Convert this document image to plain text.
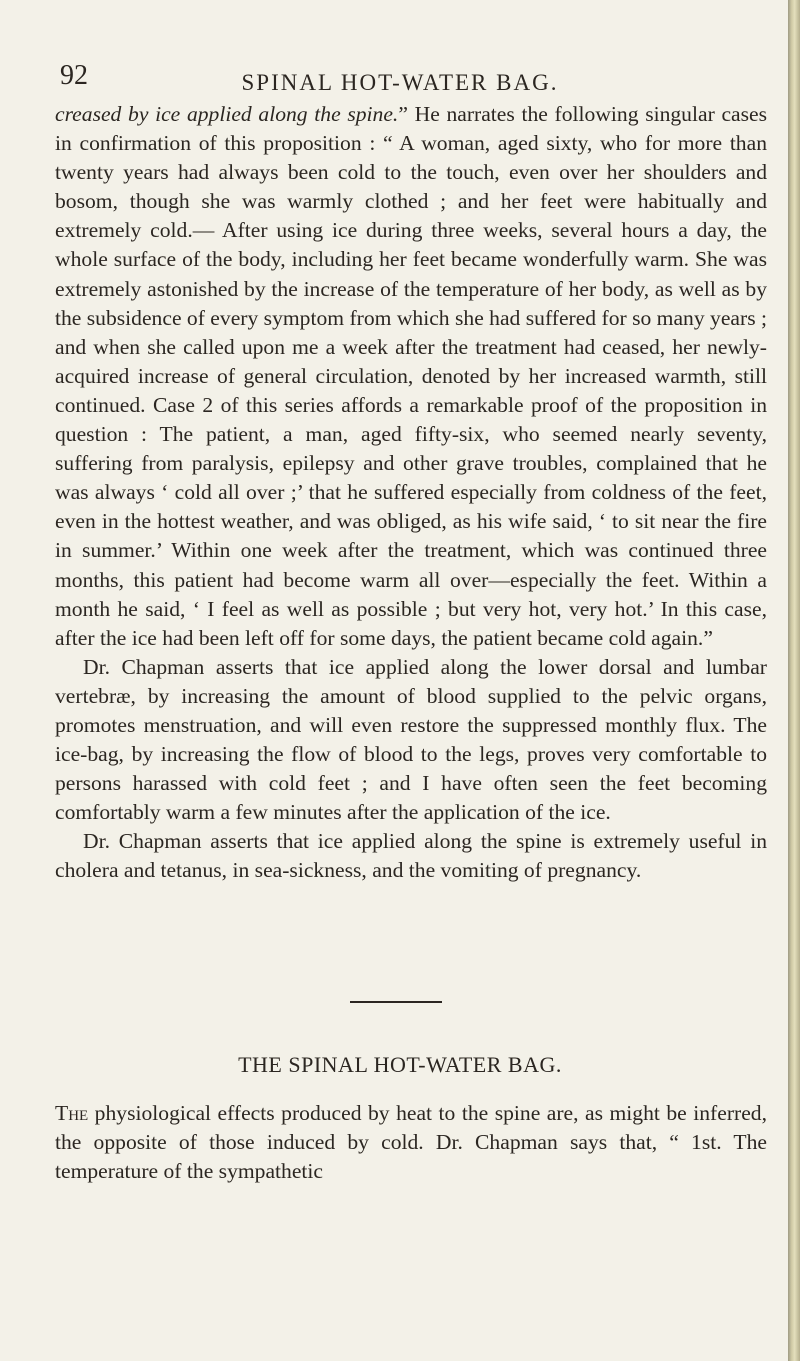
92	SPINAL HOT-WATER BAG.

creased by ice applied along the spine.” He narrates the following singular cases in confirmation of this proposition : “ A woman, aged sixty, who for more than twenty years had always been cold to the touch, even over her shoulders and bosom, though she was warmly clothed ; and her feet were habitually and extremely cold.— After using ice during three weeks, several hours a day, the whole surface of the body, including her feet became wonderfully warm. She was extremely astonished by the increase of the temperature of her body, as well as by the subsidence of every symptom from which she had suffered for so many years ; and when she called upon me a week after the treatment had ceased, her newly-acquired increase of general circulation, denoted by her increased warmth, still continued. Case 2 of this series affords a remarkable proof of the proposition in question : The patient, a man, aged fifty-six, who seemed nearly seventy, suffering from paralysis, epilepsy and other grave troubles, complained that he was always ‘ cold all over ;’ that he suffered especially from coldness of the feet, even in the hottest weather, and was obliged, as his wife said, ‘ to sit near the fire in summer.’ Within one week after the treatment, which was continued three months, this patient had become warm all over—especially the feet. Within a month he said, ‘ I feel as well as possible ; but very hot, very hot.’ In this case, after the ice had been left off for some days, the patient became cold again.”

Dr. Chapman asserts that ice applied along the lower dorsal and lumbar vertebræ, by increasing the amount of blood supplied to the pelvic organs, promotes menstruation, and will even restore the suppressed monthly flux. The ice-bag, by increasing the flow of blood to the legs, proves very comfortable to persons harassed with cold feet ; and I have often seen the feet becoming comfortably warm a few minutes after the application of the ice.

Dr. Chapman asserts that ice applied along the spine is extremely useful in cholera and tetanus, in sea-sickness, and the vomiting of pregnancy.

THE SPINAL HOT-WATER BAG.
The physiological effects produced by heat to the spine are, as might be inferred, the opposite of those induced by cold. Dr. Chapman says that, “ 1st. The temperature of the sympathetic
